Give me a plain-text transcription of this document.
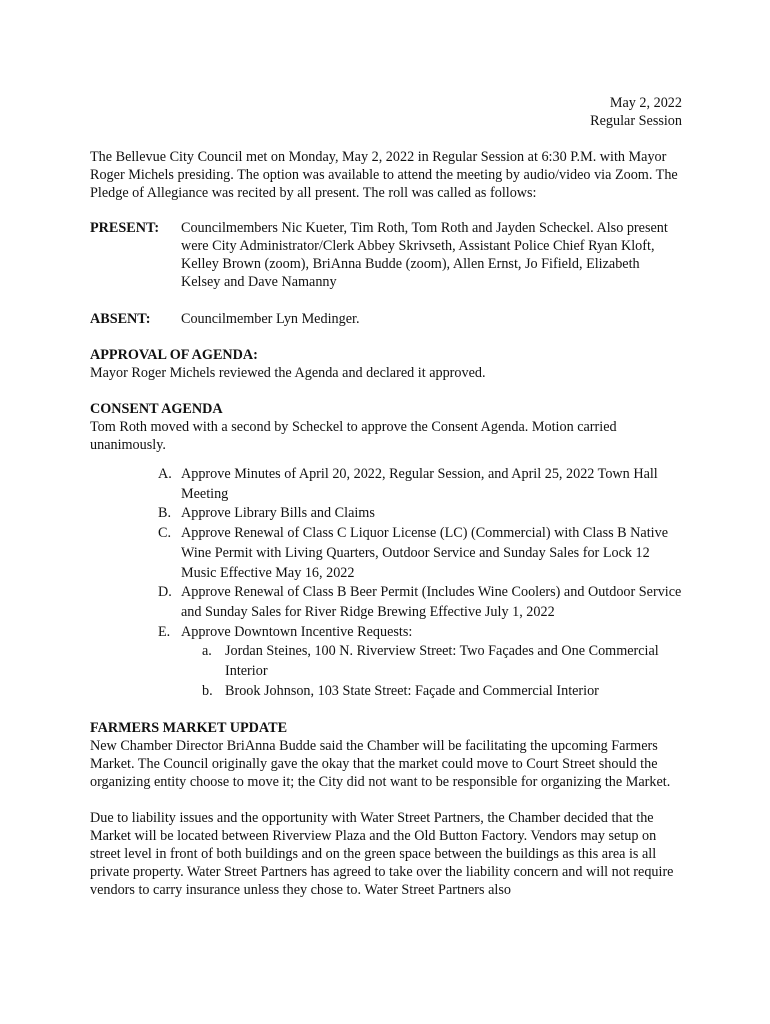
May 2, 2022
Regular Session

The Bellevue City Council met on Monday, May 2, 2022 in Regular Session at 6:30 P.M. with Mayor Roger Michels presiding. The option was available to attend the meeting by audio/video via Zoom. The Pledge of Allegiance was recited by all present. The roll was called as follows:

PRESENT:	Councilmembers Nic Kueter, Tim Roth, Tom Roth and Jayden Scheckel. Also present were City Administrator/Clerk Abbey Skrivseth, Assistant Police Chief Ryan Kloft, Kelley Brown (zoom), BriAnna Budde (zoom), Allen Ernst, Jo Fifield, Elizabeth Kelsey and Dave Namanny
ABSENT:	Councilmember Lyn Medinger.
APPROVAL OF AGENDA:

Mayor Roger Michels reviewed the Agenda and declared it approved.

CONSENT AGENDA

Tom Roth moved with a second by Scheckel to approve the Consent Agenda. Motion carried unanimously.

A. Approve Minutes of April 20, 2022, Regular Session, and April 25, 2022 Town Hall Meeting
B. Approve Library Bills and Claims
C. Approve Renewal of Class C Liquor License (LC) (Commercial) with Class B Native Wine Permit with Living Quarters, Outdoor Service and Sunday Sales for Lock 12 Music Effective May 16, 2022
D. Approve Renewal of Class B Beer Permit (Includes Wine Coolers) and Outdoor Service and Sunday Sales for River Ridge Brewing Effective July 1, 2022
E. Approve Downtown Incentive Requests:
a. Jordan Steines, 100 N. Riverview Street: Two Façades and One Commercial Interior
b. Brook Johnson, 103 State Street: Façade and Commercial Interior
FARMERS MARKET UPDATE

New Chamber Director BriAnna Budde said the Chamber will be facilitating the upcoming Farmers Market. The Council originally gave the okay that the market could move to Court Street should the organizing entity choose to move it; the City did not want to be responsible for organizing the Market.

Due to liability issues and the opportunity with Water Street Partners, the Chamber decided that the Market will be located between Riverview Plaza and the Old Button Factory. Vendors may setup on street level in front of both buildings and on the green space between the buildings as this area is all private property. Water Street Partners has agreed to take over the liability concern and will not require vendors to carry insurance unless they chose to. Water Street Partners also
